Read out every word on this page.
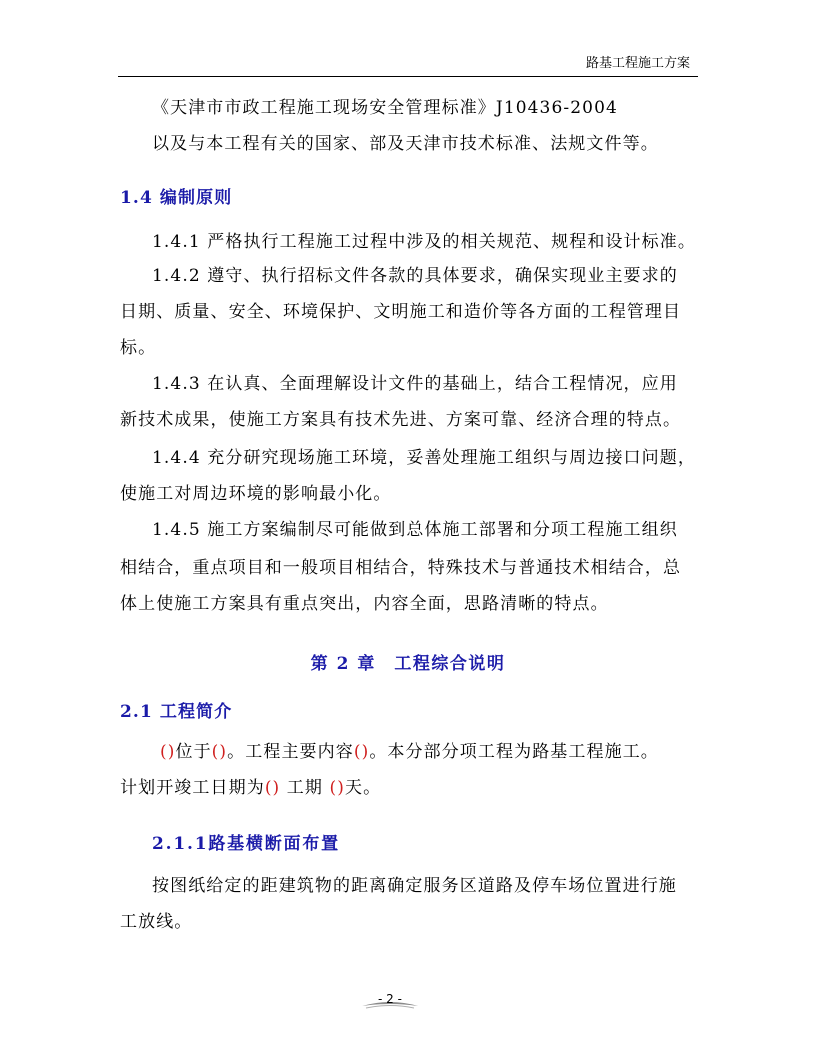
路基工程施工方案
《天津市市政工程施工现场安全管理标准》J10436-2004
以及与本工程有关的国家、部及天津市技术标准、法规文件等。
1.4 编制原则
1.4.1 严格执行工程施工过程中涉及的相关规范、规程和设计标准。
1.4.2 遵守、执行招标文件各款的具体要求，确保实现业主要求的
日期、质量、安全、环境保护、文明施工和造价等各方面的工程管理目
标。
1.4.3 在认真、全面理解设计文件的基础上，结合工程情况，应用
新技术成果，使施工方案具有技术先进、方案可靠、经济合理的特点。
1.4.4 充分研究现场施工环境，妥善处理施工组织与周边接口问题，
使施工对周边环境的影响最小化。
1.4.5 施工方案编制尽可能做到总体施工部署和分项工程施工组织
相结合，重点项目和一般项目相结合，特殊技术与普通技术相结合，总
体上使施工方案具有重点突出，内容全面，思路清晰的特点。
第 2 章　工程综合说明
2.1 工程简介
()位于()。工程主要内容()。本分部分项工程为路基工程施工。
计划开竣工日期为() 工期 ()天。
2.1.1路基横断面布置
按图纸给定的距建筑物的距离确定服务区道路及停车场位置进行施
工放线。
- 2 -
